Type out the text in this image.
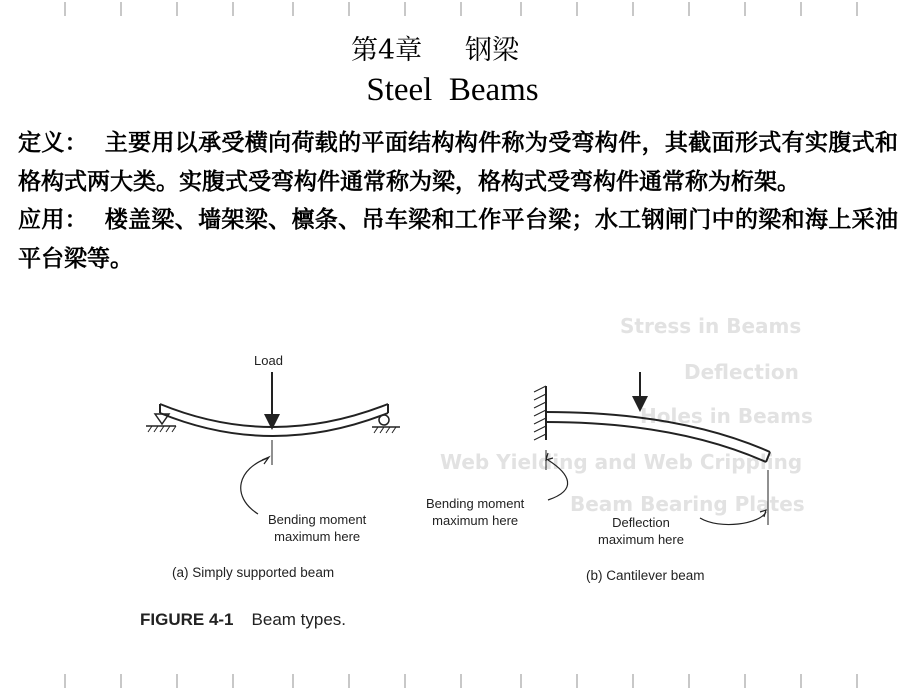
第4章     钢梁
Steel  Beams

定义：  主要用以承受横向荷载的平面结构构件称为受弯构件，其截面形式有实腹式和格构式两大类。实腹式受弯构件通常称为梁，格构式受弯构件通常称为桁架。

应用：  楼盖梁、墙架梁、檩条、吊车梁和工作平台梁；水工钢闸门中的梁和海上采油平台梁等。

Stress in Beams
Deflection
Holes in Beams
Web Yielding and Web Crippling
Beam Bearing Plates
Load
Bending moment
maximum here
(a) Simply supported beam
Bending moment
maximum here	Deflection
maximum here
(b) Cantilever beam
FIGURE 4-1 Beam types.
